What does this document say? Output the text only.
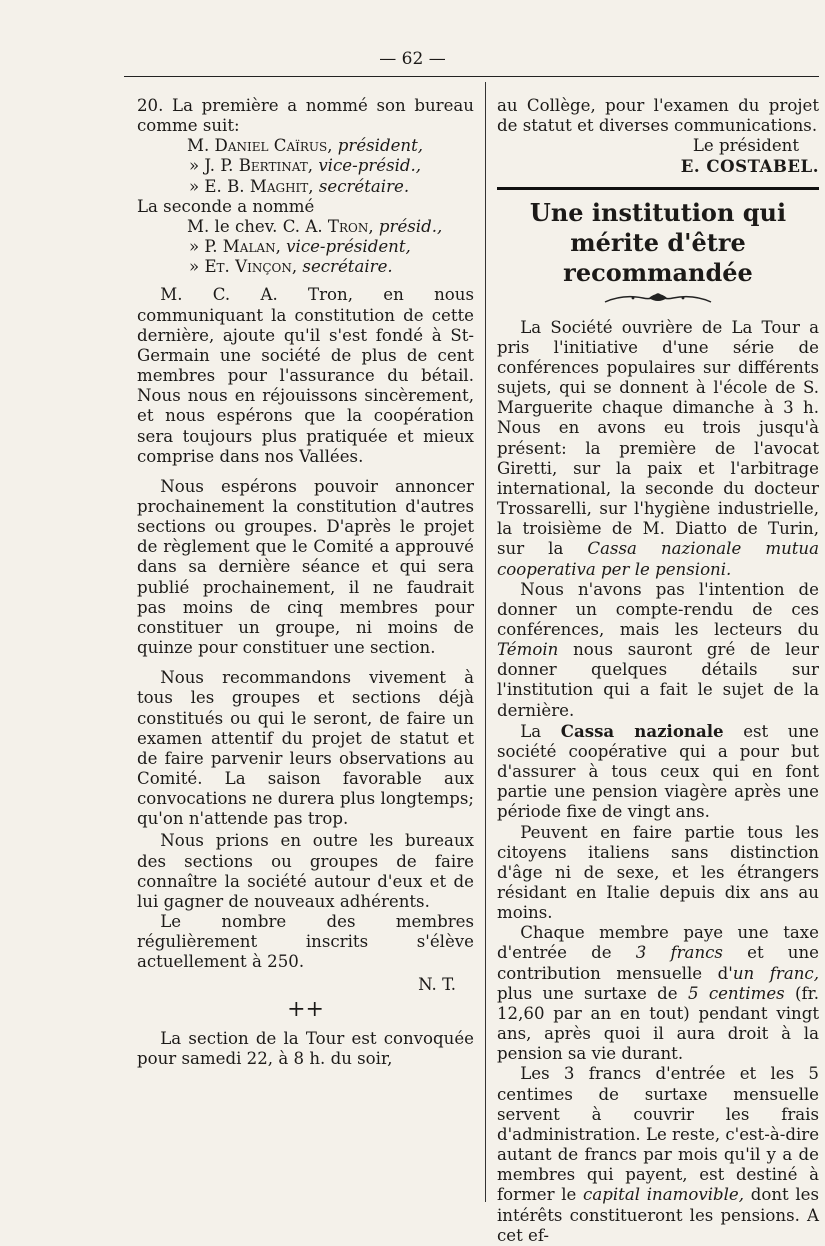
— 62 —

20. La première a nommé son bureau comme suit:

M. Daniel Caïrus, président,
» J. P. Bertinat, vice-présid.,
» E. B. Maghit, secrétaire.

La seconde a nommé

M. le chev. C. A. Tron, présid.,
» P. Malan, vice-président,
» Et. Vinçon, secrétaire.

M. C. A. Tron, en nous communiquant la constitution de cette dernière, ajoute qu'il s'est fondé à St-Germain une société de plus de cent membres pour l'assurance du bétail. Nous nous en réjouissons sincèrement, et nous espérons que la coopération sera toujours plus pratiquée et mieux comprise dans nos Vallées.

Nous espérons pouvoir annoncer prochainement la constitution d'autres sections ou groupes. D'après le projet de règlement que le Comité a approuvé dans sa dernière séance et qui sera publié prochainement, il ne faudrait pas moins de cinq membres pour constituer un groupe, ni moins de quinze pour constituer une section.

Nous recommandons vivement à tous les groupes et sections déjà constitués ou qui le seront, de faire un examen attentif du projet de statut et de faire parvenir leurs observations au Comité. La saison favorable aux convocations ne durera plus longtemps; qu'on n'attende pas trop.

Nous prions en outre les bureaux des sections ou groupes de faire connaître la société autour d'eux et de lui gagner de nouveaux adhérents.

Le nombre des membres régulièrement inscrits s'élève actuellement à 250.

N. T.
++

La section de la Tour est convoquée pour samedi 22, à 8 h. du soir,

au Collège, pour l'examen du projet de statut et diverses communications.

Le président
E. COSTABEL.
Une institution qui mérite d'être recommandée

La Société ouvrière de La Tour a pris l'initiative d'une série de conférences populaires sur différents sujets, qui se donnent à l'école de S. Marguerite chaque dimanche à 3 h. Nous en avons eu trois jusqu'à présent: la première de l'avocat Giretti, sur la paix et l'arbitrage international, la seconde du docteur Trossarelli, sur l'hygiène industrielle, la troisième de M. Diatto de Turin, sur la Cassa nazionale mutua cooperativa per le pensioni.

Nous n'avons pas l'intention de donner un compte-rendu de ces conférences, mais les lecteurs du Témoin nous sauront gré de leur donner quelques détails sur l'institution qui a fait le sujet de la dernière.

La Cassa nazionale est une société coopérative qui a pour but d'assurer à tous ceux qui en font partie une pension viagère après une période fixe de vingt ans.

Peuvent en faire partie tous les citoyens italiens sans distinction d'âge ni de sexe, et les étrangers résidant en Italie depuis dix ans au moins.

Chaque membre paye une taxe d'entrée de 3 francs et une contribution mensuelle d'un franc, plus une surtaxe de 5 centimes (fr. 12,60 par an en tout) pendant vingt ans, après quoi il aura droit à la pension sa vie durant.

Les 3 francs d'entrée et les 5 centimes de surtaxe mensuelle servent à couvrir les frais d'administration. Le reste, c'est-à-dire autant de francs par mois qu'il y a de membres qui payent, est destiné à former le capital inamovible, dont les intérêts constitueront les pensions. A cet ef-
